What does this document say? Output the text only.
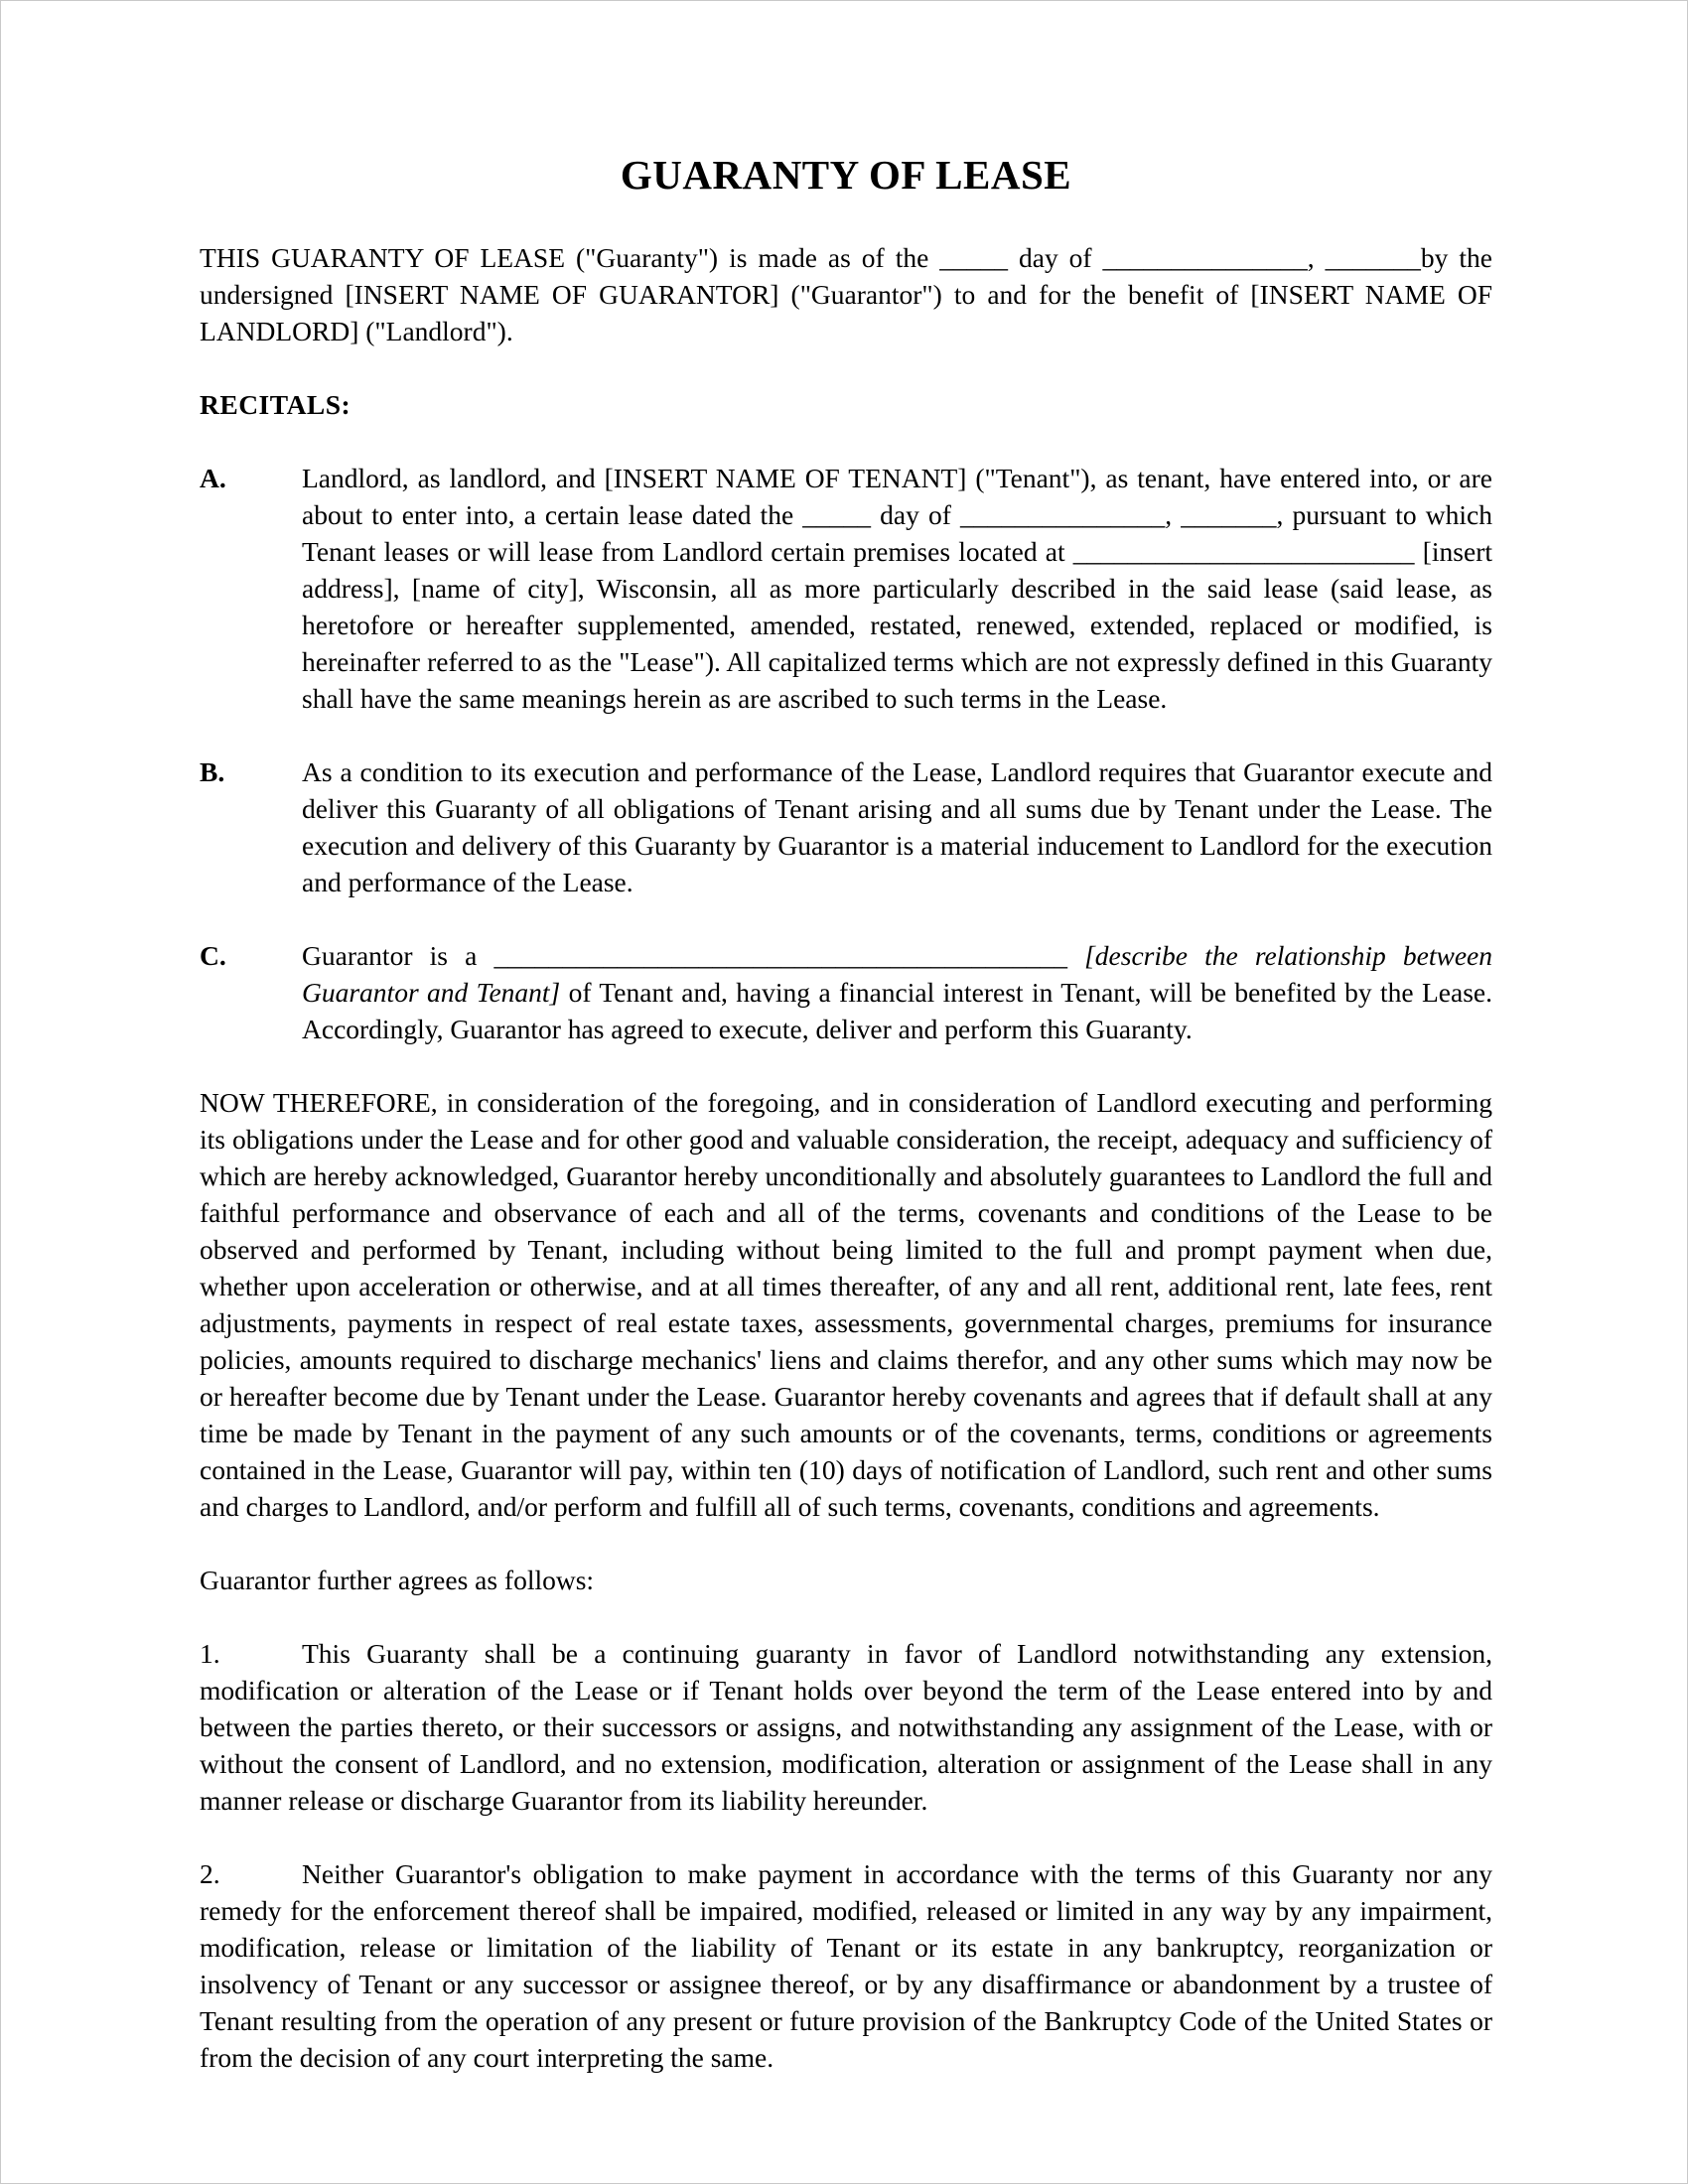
GUARANTY OF LEASE

THIS GUARANTY OF LEASE ("Guaranty") is made as of the _____ day of _______________, _______by the undersigned [INSERT NAME OF GUARANTOR] ("Guarantor") to and for the benefit of [INSERT NAME OF LANDLORD] ("Landlord").

RECITALS:
A.	Landlord, as landlord, and [INSERT NAME OF TENANT] ("Tenant"), as tenant, have entered into, or are about to enter into, a certain lease dated the _____ day of _______________, _______, pursuant to which Tenant leases or will lease from Landlord certain premises located at _________________________ [insert address], [name of city], Wisconsin, all as more particularly described in the said lease (said lease, as heretofore or hereafter supplemented, amended, restated, renewed, extended, replaced or modified, is hereinafter referred to as the "Lease"). All capitalized terms which are not expressly defined in this Guaranty shall have the same meanings herein as are ascribed to such terms in the Lease.
B.	As a condition to its execution and performance of the Lease, Landlord requires that Guarantor execute and deliver this Guaranty of all obligations of Tenant arising and all sums due by Tenant under the Lease. The execution and delivery of this Guaranty by Guarantor is a material inducement to Landlord for the execution and performance of the Lease.
C.	Guarantor is a __________________________________________ [describe the relationship between Guarantor and Tenant] of Tenant and, having a financial interest in Tenant, will be benefited by the Lease. Accordingly, Guarantor has agreed to execute, deliver and perform this Guaranty.

NOW THEREFORE, in consideration of the foregoing, and in consideration of Landlord executing and performing its obligations under the Lease and for other good and valuable consideration, the receipt, adequacy and sufficiency of which are hereby acknowledged, Guarantor hereby unconditionally and absolutely guarantees to Landlord the full and faithful performance and observance of each and all of the terms, covenants and conditions of the Lease to be observed and performed by Tenant, including without being limited to the full and prompt payment when due, whether upon acceleration or otherwise, and at all times thereafter, of any and all rent, additional rent, late fees, rent adjustments, payments in respect of real estate taxes, assessments, governmental charges, premiums for insurance policies, amounts required to discharge mechanics' liens and claims therefor, and any other sums which may now be or hereafter become due by Tenant under the Lease. Guarantor hereby covenants and agrees that if default shall at any time be made by Tenant in the payment of any such amounts or of the covenants, terms, conditions or agreements contained in the Lease, Guarantor will pay, within ten (10) days of notification of Landlord, such rent and other sums and charges to Landlord, and/or perform and fulfill all of such terms, covenants, conditions and agreements.

Guarantor further agrees as follows:

1.	This Guaranty shall be a continuing guaranty in favor of Landlord notwithstanding any extension, modification or alteration of the Lease or if Tenant holds over beyond the term of the Lease entered into by and between the parties thereto, or their successors or assigns, and notwithstanding any assignment of the Lease, with or without the consent of Landlord, and no extension, modification, alteration or assignment of the Lease shall in any manner release or discharge Guarantor from its liability hereunder.

2.	Neither Guarantor's obligation to make payment in accordance with the terms of this Guaranty nor any remedy for the enforcement thereof shall be impaired, modified, released or limited in any way by any impairment, modification, release or limitation of the liability of Tenant or its estate in any bankruptcy, reorganization or insolvency of Tenant or any successor or assignee thereof, or by any disaffirmance or abandonment by a trustee of Tenant resulting from the operation of any present or future provision of the Bankruptcy Code of the United States or from the decision of any court interpreting the same.
